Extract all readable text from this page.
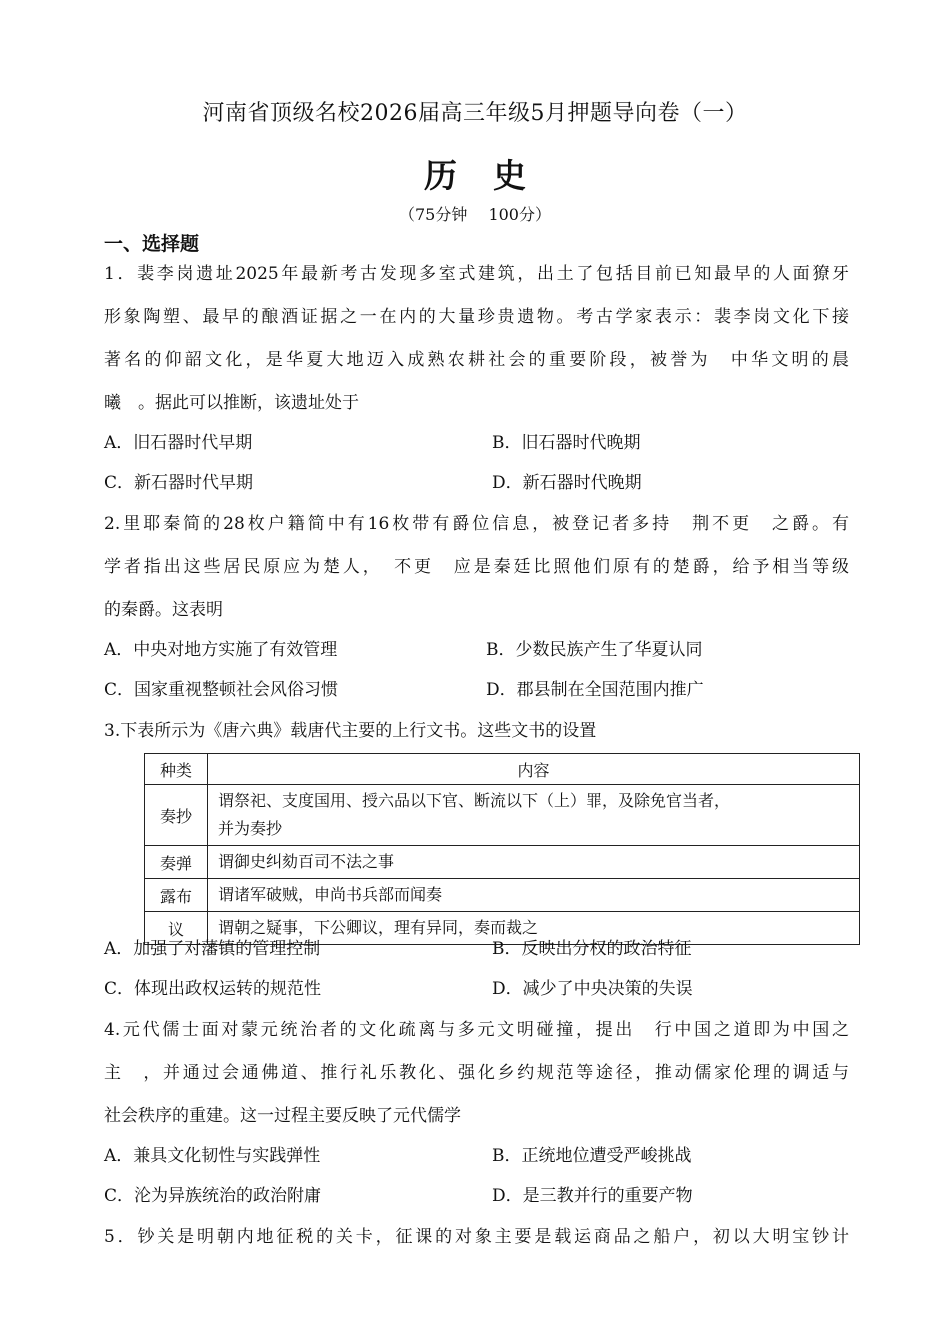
河南省顶级名校2026届高三年级5月押题导向卷（一）
历 史
（75分钟　 100分）
一、选择题
1．裴李岗遗址2025年最新考古发现多室式建筑，出土了包括目前已知最早的人面獠牙
形象陶塑、最早的酿酒证据之一在内的大量珍贵遗物。考古学家表示：裴李岗文化下接
著名的仰韶文化，是华夏大地迈入成熟农耕社会的重要阶段，被誉为　中华文明的晨
曦　。据此可以推断，该遗址处于
A．旧石器时代早期	B．旧石器时代晚期
C．新石器时代早期	D．新石器时代晚期
2.里耶秦简的28枚户籍简中有16枚带有爵位信息，被登记者多持　荆不更　之爵。有
学者指出这些居民原应为楚人，　不更　应是秦廷比照他们原有的楚爵，给予相当等级
的秦爵。这表明
A．中央对地方实施了有效管理	B．少数民族产生了华夏认同
C．国家重视整顿社会风俗习惯	D．郡县制在全国范围内推广
3.下表所示为《唐六典》载唐代主要的上行文书。这些文书的设置
种类	内容
奏抄	谓祭祀、支度国用、授六品以下官、断流以下（上）罪，及除免官当者，
并为奏抄

奏弹	谓御史纠劾百司不法之事
露布	谓诸军破贼，申尚书兵部而闻奏
议	谓朝之疑事，下公卿议，理有异同，奏而裁之
A．加强了对藩镇的管理控制	B．反映出分权的政治特征
C．体现出政权运转的规范性	D．减少了中央决策的失误
4.元代儒士面对蒙元统治者的文化疏离与多元文明碰撞，提出　行中国之道即为中国之
主　，并通过会通佛道、推行礼乐教化、强化乡约规范等途径，推动儒家伦理的调适与
社会秩序的重建。这一过程主要反映了元代儒学
A．兼具文化韧性与实践弹性	B．正统地位遭受严峻挑战
C．沦为异族统治的政治附庸	D．是三教并行的重要产物
5．钞关是明朝内地征税的关卡，征课的对象主要是载运商品之船户，初以大明宝钞计
